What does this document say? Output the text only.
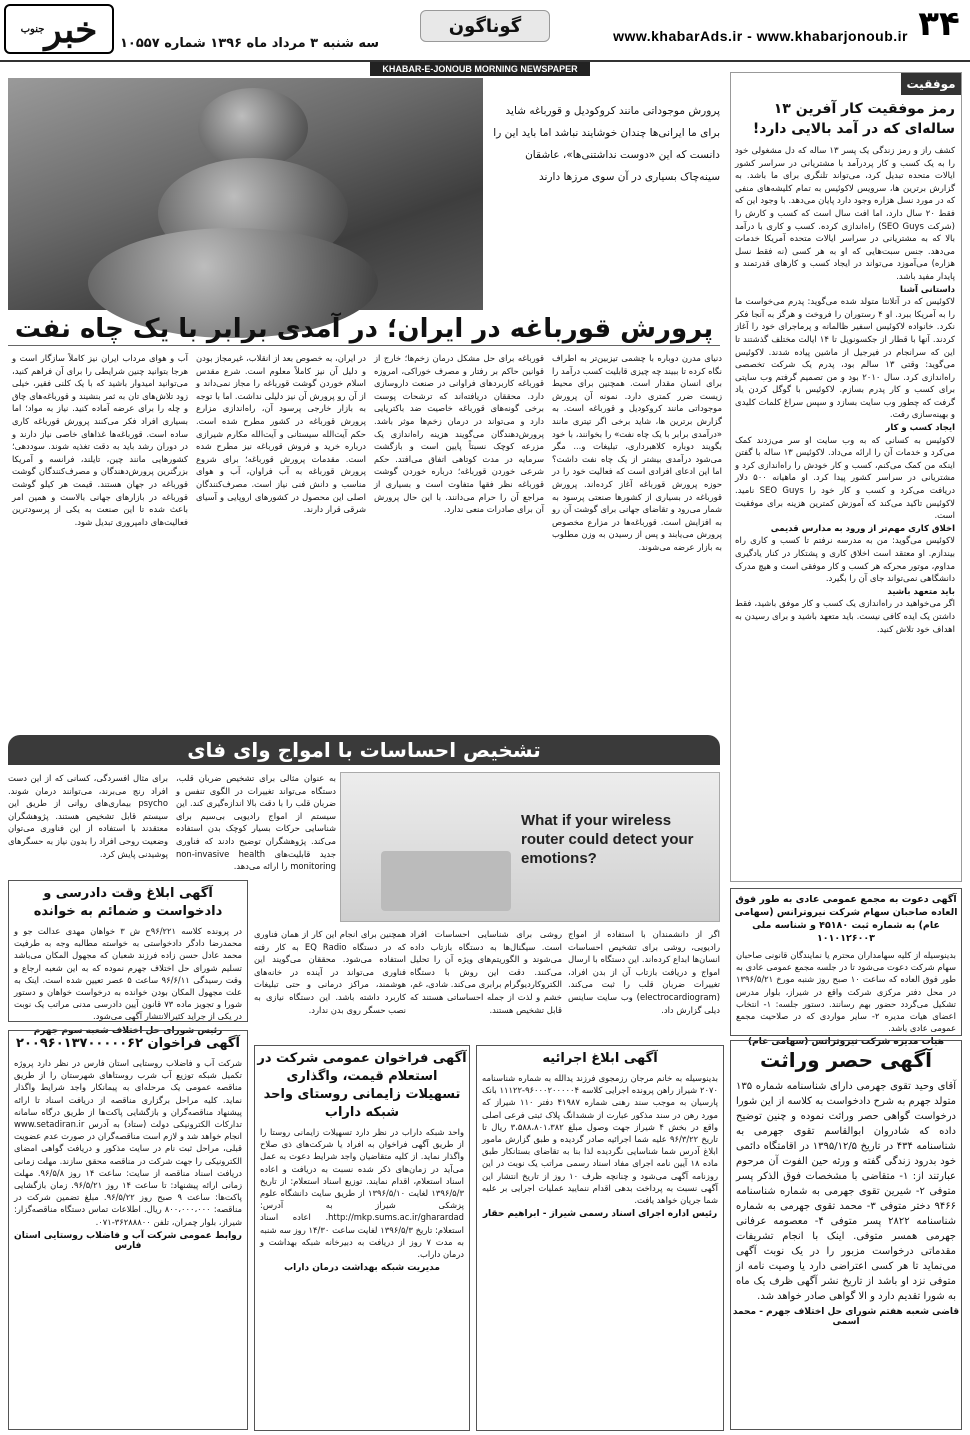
۳۴
www.khabarAds.ir - www.khabarjonoub.ir
گوناگون
سه شنبه ۳ مرداد ماه ۱۳۹۶ شماره ۱۰۵۵۷
خبر$^{جنوب}$
KHABAR-E-JONOUB MORNING NEWSPAPER
موفقیت
رمز موفقیت کار آفرین ۱۳ ساله‌ای که در آمد بالایی دارد!
کشف راز و رمز زندگی یک پسر ۱۳ ساله که دل مشغولی خود را به یک کسب و کار پردرآمد با مشتریانی در سراسر کشور ایالات متحده تبدیل کرد، می‌تواند تلنگری برای ما باشد. به گزارش برترین ها، سرویس لاکوئیس به تمام کلیشه‌های منفی که در مورد نسل هزاره وجود دارد پایان می‌دهد. با وجود این که فقط ۲۰ سال دارد، اما افت سال است که کسب و کارش را (شرکت SEO Guys) راه‌اندازی کرده. کسب و کاری با درآمد بالا که به مشتریانی در سراسر ایالات متحده آمریکا خدمات می‌دهد. جنس سبت‌هایی که او به هر کسی (نه فقط نسل هزاره) می‌آموزد می‌تواند در ایجاد کسب و کارهای قدرتمند و پایدار مفید باشد.
داستانی آشنا
لاکوئیس که در آتلانتا متولد شده می‌گوید: پدرم می‌خواست ما را به آمریکا ببرد. او ۴ رستوران را فروخت و هرگز به آنجا فکر نکرد. خانواده لاکوئیس اسفیر ظالمانه و پرماجرای خود را آغاز کردند. آنها با قطار از جکسونویل تا ۱۴ ایالت مختلف گذشتند تا این که سرانجام در فیرجیل از ماشین پیاده شدند. لاکوئیس می‌گوید: وقتی ۱۳ سالم بود، پدرم یک شرکت تخصصی راه‌اندازی کرد. سال ۲۰۱۰ بود و من تصمیم گرفتم وب سایتی برای کسب و کار پدرم بسازم. لاکوئیس با گوگل کردن یاد گرفت که چطور وب سایت بسازد و سپس سراغ کلمات کلیدی و بهینه‌سازی رفت.
ایجاد کسب و کار
لاکوئیس به کسانی که به وب سایت او سر می‌زدند کمک می‌کرد و خدمات آن را ارائه می‌داد. لاکوئیس ۱۳ ساله با گفتن اینکه من کمک می‌کنم، کسب و کار خودش را راه‌اندازی کرد و مشتریانی در سراسر کشور پیدا کرد. او ماهیانه ۵۰۰ دلار دریافت می‌کرد و کسب و کار خود را SEO Guys نامید. لاکوئیس تاکید می‌کند که آموزش کمترین هزینه برای موفقیت است.
اخلاق کاری مهم‌تر از ورود به مدارس قدیمی
لاکوئیس می‌گوید: من به مدرسه نرفتم تا کسب و کاری راه بیندازم. او معتقد است اخلاق کاری و پشتکار در کنار یادگیری مداوم، موتور محرکه هر کسب و کار موفقی است و هیچ مدرک دانشگاهی نمی‌تواند جای آن را بگیرد.
باید متعهد باشید
اگر می‌خواهید در راه‌اندازی یک کسب و کار موفق باشید، فقط داشتن یک ایده کافی نیست. باید متعهد باشید و برای رسیدن به اهداف خود تلاش کنید.
پرورش موجوداتی مانند کروکودیل و قورباغه شاید برای ما ایرانی‌ها چندان خوشایند نباشد اما باید این را دانست که این «دوست نداشتنی‌ها»، عاشقان سینه‌چاک بسیاری در آن سوی مرزها دارند
پرورش قورباغه در ایران؛ در آمدی برابر با یک چاه نفت
دنیای مدرن دوباره با چشمی تیزبین‌تر به اطراف نگاه کرده تا ببیند چه چیزی قابلیت کسب درآمد را برای انسان مقدار است. همچنین برای محیط زیست ضرر کمتری دارد. نمونه آن پرورش موجوداتی مانند کروکودیل و قورباغه است. به گزارش برترین ها، شاید برخی اگر تیتری مانند «درآمدی برابر با یک چاه نفت» را بخوانند، با خود بگویند دوباره کلاهبرداری، تبلیغات و... مگر می‌شود درآمدی بیشتر از یک چاه نفت داشت؟ اما این ادعای افرادی است که فعالیت خود را در حوزه پرورش قورباغه آغاز کرده‌اند. پرورش قورباغه در بسیاری از کشورها صنعتی پرسود به شمار می‌رود و تقاضای جهانی برای گوشت آن رو به افزایش است. قورباغه‌ها در مزارع مخصوص پرورش می‌یابند و پس از رسیدن به وزن مطلوب به بازار عرضه می‌شوند.
قورباغه برای حل مشکل درمان زخم‌ها؛ خارج از قوانین حاکم بر رفتار و مصرف خوراکی، امروزه قورباغه کاربردهای فراوانی در صنعت داروسازی دارد. محققان دریافته‌اند که ترشحات پوست برخی گونه‌های قورباغه خاصیت ضد باکتریایی دارد و می‌تواند در درمان زخم‌ها موثر باشد. پرورش‌دهندگان می‌گویند هزینه راه‌اندازی یک مزرعه کوچک نسبتاً پایین است و بازگشت سرمایه در مدت کوتاهی اتفاق می‌افتد. حکم شرعی خوردن قورباغه؛ درباره خوردن گوشت قورباغه نظر فقها متفاوت است و بسیاری از مراجع آن را حرام می‌دانند. با این حال پرورش آن برای صادرات منعی ندارد.
در ایران، به خصوص بعد از انقلاب، غیرمجاز بودن و دلیل آن نیز کاملاً معلوم است. شرع مقدس اسلام خوردن گوشت قورباغه را مجاز نمی‌داند و از آن رو پرورش آن نیز دلیلی نداشت. اما با توجه به بازار خارجی پرسود آن، راه‌اندازی مزارع پرورش قورباغه در کشور مطرح شده است. حکم آیت‌الله سیستانی و آیت‌الله مکارم شیرازی درباره خرید و فروش قورباغه نیز مطرح شده است. مقدمات پرورش قورباغه؛ برای شروع پرورش قورباغه به آب فراوان، آب و هوای مناسب و دانش فنی نیاز است. مصرف‌کنندگان اصلی این محصول در کشورهای اروپایی و آسیای شرقی قرار دارند.
آب و هوای مرداب ایران نیز کاملاً سازگار است و هرجا بتوانید چنین شرایطی را برای آن فراهم کنید، می‌توانید امیدوار باشید که با یک کلنی فقیر، خیلی زود تلاش‌های تان به ثمر بنشیند و قورباغه‌های چاق و چله را برای عرضه آماده کنید. نیاز به مواد؛ اما بسیاری افراد فکر می‌کنند پرورش قورباغه کاری ساده است. قورباغه‌ها غذاهای خاصی نیاز دارند و در دوران رشد باید به دقت تغذیه شوند. سوددهی؛ کشورهایی مانند چین، تایلند، فرانسه و آمریکا بزرگترین پرورش‌دهندگان و مصرف‌کنندگان گوشت قورباغه در جهان هستند. قیمت هر کیلو گوشت قورباغه در بازارهای جهانی بالاست و همین امر باعث شده تا این صنعت به یکی از پرسودترین فعالیت‌های دامپروری تبدیل شود.
تشخیص احساسات با امواج وای فای
What if your wireless router could detect your emotions?
برای مثال افسردگی، کسانی که از این دست افراد رنج می‌برند، می‌توانند درمان شوند. psycho بیماری‌های روانی از طریق این سیستم قابل تشخیص هستند. پژوهشگران معتقدند با استفاده از این فناوری می‌توان وضعیت روحی افراد را بدون نیاز به حسگرهای پوشیدنی پایش کرد.
به عنوان مثالی برای تشخیص ضربان قلب، دستگاه می‌تواند تغییرات در الگوی تنفس و ضربان قلب را با دقت بالا اندازه‌گیری کند. این سیستم از امواج رادیویی بی‌سیم برای شناسایی حرکات بسیار کوچک بدن استفاده می‌کند. پژوهشگران توضیح دادند که فناوری جدید قابلیت‌های non-invasive health monitoring را ارائه می‌دهد.
اگر از دانشمندان با استفاده از امواج رادیویی، روشی برای تشخیص احساسات انسان‌ها ابداع کرده‌اند. این دستگاه با ارسال امواج و دریافت بازتاب آن از بدن افراد، تغییرات ضربان قلب را ثبت می‌کند. (electrocardiogram) وب سایت ساینس دیلی گزارش داد.
روشی برای شناسایی احساسات افراد است. سیگنال‌ها به دستگاه بازتاب داده می‌شوند و الگوریتم‌های ویژه آن را تحلیل می‌کنند. دقت این روش با دستگاه الکتروکاردیوگرام برابری می‌کند. شادی، غم، خشم و لذت از جمله احساساتی هستند که قابل تشخیص هستند.
همچنین برای انجام این کار از همان فناوری که در دستگاه EQ Radio به کار رفته استفاده می‌شود. محققان می‌گویند این فناوری می‌تواند در آینده در خانه‌های هوشمند، مراکز درمانی و حتی تبلیغات کاربرد داشته باشد. این دستگاه نیازی به نصب حسگر روی بدن ندارد.
آگهی ابلاغ وقت دادرسی و دادخواست و ضمائم به خوانده
در پرونده کلاسه ۹۶/۲۲۱ح ش ۳ خواهان مهدی عدالت جو و محمدرضا دادگر دادخواستی به خواسته مطالبه وجه به طرفیت محمد عادل حسن زاده فرزند شعبان که مجهول المکان می‌باشد تسلیم شورای حل اختلاف جهرم نموده که به این شعبه ارجاع و وقت رسیدگی ۹۶/۶/۱۱ ساعت ۵ عصر تعیین شده است. اینک به علت مجهول المکان بودن خوانده به درخواست خواهان و دستور شورا و تجویز ماده ۷۳ قانون آیین دادرسی مدنی مراتب یک نوبت در یکی از جراید کثیرالانتشار آگهی می‌شود.
رئیس شورای حل اختلاف شعبه سوم جهرم
آگهی فراخوان ۲۰۰۹۶۰۱۳۷۰۰۰۰۰۶۲
شرکت آب و فاضلاب روستایی استان فارس در نظر دارد پروژه تکمیل شبکه توزیع آب شرب روستاهای شهرستان را از طریق مناقصه عمومی یک مرحله‌ای به پیمانکار واجد شرایط واگذار نماید. کلیه مراحل برگزاری مناقصه از دریافت اسناد تا ارائه پیشنهاد مناقصه‌گران و بازگشایی پاکت‌ها از طریق درگاه سامانه تدارکات الکترونیکی دولت (ستاد) به آدرس www.setadiran.ir انجام خواهد شد و لازم است مناقصه‌گران در صورت عدم عضویت قبلی، مراحل ثبت نام در سایت مذکور و دریافت گواهی امضای الکترونیکی را جهت شرکت در مناقصه محقق سازند. مهلت زمانی دریافت اسناد مناقصه از سایت: ساعت ۱۴ روز ۹۶/۵/۸. مهلت زمانی ارائه پیشنهاد: تا ساعت ۱۴ روز ۹۶/۵/۲۱. زمان بازگشایی پاکت‌ها: ساعت ۹ صبح روز ۹۶/۵/۲۲. مبلغ تضمین شرکت در مناقصه: ۸۰۰،۰۰۰،۰۰۰ ریال. اطلاعات تماس دستگاه مناقصه‌گزار: شیراز، بلوار چمران، تلفن ۳۶۲۸۸۸۰۰-۰۷۱.
روابط عمومی شرکت آب و فاضلاب روستایی استان فارس
آگهی فراخوان عمومی شرکت در استعلام قیمت، واگذاری تسهیلات زایمانی روستای واحد شبکه داراب
واحد شبکه داراب در نظر دارد تسهیلات زایمانی روستا را از طریق آگهی فراخوان به افراد یا شرکت‌های ذی صلاح واگذار نماید. از کلیه متقاضیان واجد شرایط دعوت به عمل می‌آید در زمان‌های ذکر شده نسبت به دریافت و اعاده اسناد استعلام، اقدام نمایند. توزیع اسناد استعلام: از تاریخ ۱۳۹۶/۵/۳ لغایت ۱۳۹۶/۵/۱۰ از طریق سایت دانشگاه علوم پزشکی شیراز به آدرس: http://mkp.sums.ac.ir/gharardad. اعاده اسناد استعلام: تاریخ ۱۳۹۶/۵/۳ لغایت ساعت ۱۴/۳۰ روز سه شنبه به مدت ۷ روز از دریافت به دبیرخانه شبکه بهداشت و درمان داراب.
مدیریت شبکه بهداشت درمان داراب
آگهی ابلاغ اجرائیه
بدینوسیله به خانم مرجان رزمجوی فرزند یدالله به شماره شناسنامه ۲۰۷۰ شیراز راهن پرونده اجرایی کلاسه ۹۶۰۰۰۲۰۰۰۰۰۴-۱۱۱۲۲ بانک پارسیان به موجب سند رهنی شماره ۴۱۹۸۷ دفتر ۱۱۰ شیراز که مورد رهن در سند مذکور عبارت از ششدانگ پلاک ثبتی فرعی اصلی واقع در بخش ۴ شیراز جهت وصول مبلغ ۳،۵۸۸،۸۰۱،۳۸۲ ریال تا تاریخ ۹۶/۳/۲۲ علیه شما اجرائیه صادر گردیده و طبق گزارش مامور ابلاغ آدرس شما شناسایی نگردیده لذا بنا به تقاضای بستانکار طبق ماده ۱۸ آیین نامه اجرای مفاد اسناد رسمی مراتب یک نوبت در این روزنامه آگهی می‌شود و چنانچه ظرف ۱۰ روز از تاریخ انتشار این آگهی نسبت به پرداخت بدهی اقدام ننمایید عملیات اجرایی بر علیه شما جریان خواهد یافت.
رئیس اداره اجرای اسناد رسمی شیراز - ابراهیم حقار
آگهی دعوت به مجمع عمومی عادی به طور فوق العاده صاحبان سهام شرکت نیروترانس (سهامی عام) به شماره ثبت ۴۵۱۸۰ و شناسه ملی ۱۰۱۰۱۲۶۰۰۳
بدینوسیله از کلیه سهامداران محترم یا نمایندگان قانونی صاحبان سهام شرکت دعوت می‌شود تا در جلسه مجمع عمومی عادی به طور فوق العاده که ساعت ۱۰ صبح روز شنبه مورخ ۱۳۹۶/۵/۲۱ در محل دفتر مرکزی شرکت واقع در شیراز، بلوار مدرس تشکیل می‌گردد حضور بهم رسانند. دستور جلسه: ۱- انتخاب اعضای هیات مدیره ۲- سایر مواردی که در صلاحیت مجمع عمومی عادی باشد.
هیات مدیره شرکت نیروترانس (سهامی عام)
آگهی حصر وراثت
آقای وحید تقوی جهرمی دارای شناسنامه شماره ۱۳۵ متولد جهرم به شرح دادخواست به کلاسه از این شورا درخواست گواهی حصر وراثت نموده و چنین توضیح داده که شادروان ابوالقاسم تقوی جهرمی به شناسنامه ۴۳۴ در تاریخ ۱۳۹۵/۱۲/۵ در اقامتگاه دائمی خود بدرود زندگی گفته و ورثه حین الفوت آن مرحوم عبارتند از: ۱- متقاضی با مشخصات فوق الذکر پسر متوفی ۲- شیرین تقوی جهرمی به شماره شناسنامه ۹۴۶۶ دختر متوفی ۳- محمد تقوی جهرمی به شماره شناسنامه ۲۸۲۲ پسر متوفی ۴- معصومه عرفانی جهرمی همسر متوفی. اینک با انجام تشریفات مقدماتی درخواست مزبور را در یک نوبت آگهی می‌نماید تا هر کسی اعتراضی دارد یا وصیت نامه از متوفی نزد او باشد از تاریخ نشر آگهی ظرف یک ماه به شورا تقدیم دارد و الا گواهی صادر خواهد شد.
قاضی شعبه هفتم شورای حل اختلاف جهرم - محمد اسمی
